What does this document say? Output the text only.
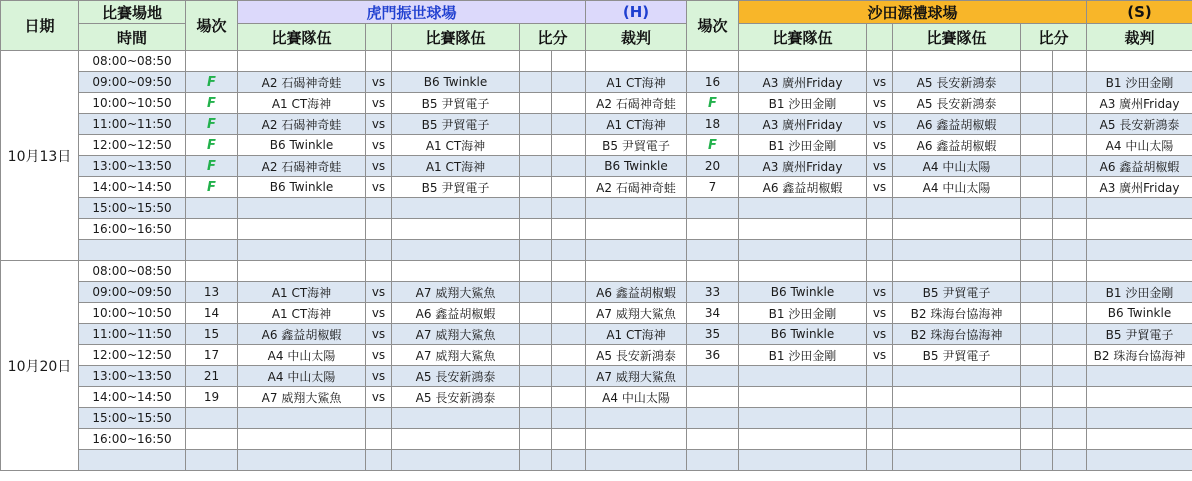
日期	比賽場地	場次	虎門振世球場					(H)	場次	沙田源禮球場					(S)
	時間		比賽隊伍		比賽隊伍	比分		裁判		比賽隊伍		比賽隊伍	比分		裁判
10月13日	08:00~08:50														
	09:00~09:50	F	A2 石碣神奇蛙	vs	B6 Twinkle			A1 CT海神	16	A3 廣州Friday	vs	A5 長安新鴻泰			B1 沙田金剛
	10:00~10:50	F	A1 CT海神	vs	B5 尹貿電子			A2 石碣神奇蛙	F	B1 沙田金剛	vs	A5 長安新鴻泰			A3 廣州Friday
	11:00~11:50	F	A2 石碣神奇蛙	vs	B5 尹貿電子			A1 CT海神	18	A3 廣州Friday	vs	A6 鑫益胡椒蝦			A5 長安新鴻泰
	12:00~12:50	F	B6 Twinkle	vs	A1 CT海神			B5 尹貿電子	F	B1 沙田金剛	vs	A6 鑫益胡椒蝦			A4 中山太陽
	13:00~13:50	F	A2 石碣神奇蛙	vs	A1 CT海神			B6 Twinkle	20	A3 廣州Friday	vs	A4 中山太陽			A6 鑫益胡椒蝦
	14:00~14:50	F	B6 Twinkle	vs	B5 尹貿電子			A2 石碣神奇蛙	7	A6 鑫益胡椒蝦	vs	A4 中山太陽			A3 廣州Friday
	15:00~15:50														
	16:00~16:50														

10月20日	08:00~08:50														
	09:00~09:50	13	A1 CT海神	vs	A7 威翔大鯊魚			A6 鑫益胡椒蝦	33	B6 Twinkle	vs	B5 尹貿電子			B1 沙田金剛
	10:00~10:50	14	A1 CT海神	vs	A6 鑫益胡椒蝦			A7 威翔大鯊魚	34	B1 沙田金剛	vs	B2 珠海台協海神			B6 Twinkle
	11:00~11:50	15	A6 鑫益胡椒蝦	vs	A7 威翔大鯊魚			A1 CT海神	35	B6 Twinkle	vs	B2 珠海台協海神			B5 尹貿電子
	12:00~12:50	17	A4 中山太陽	vs	A7 威翔大鯊魚			A5 長安新鴻泰	36	B1 沙田金剛	vs	B5 尹貿電子			B2 珠海台協海神
	13:00~13:50	21	A4 中山太陽	vs	A5 長安新鴻泰			A7 威翔大鯊魚							
	14:00~14:50	19	A7 威翔大鯊魚	vs	A5 長安新鴻泰			A4 中山太陽							
	15:00~15:50														
	16:00~16:50														
